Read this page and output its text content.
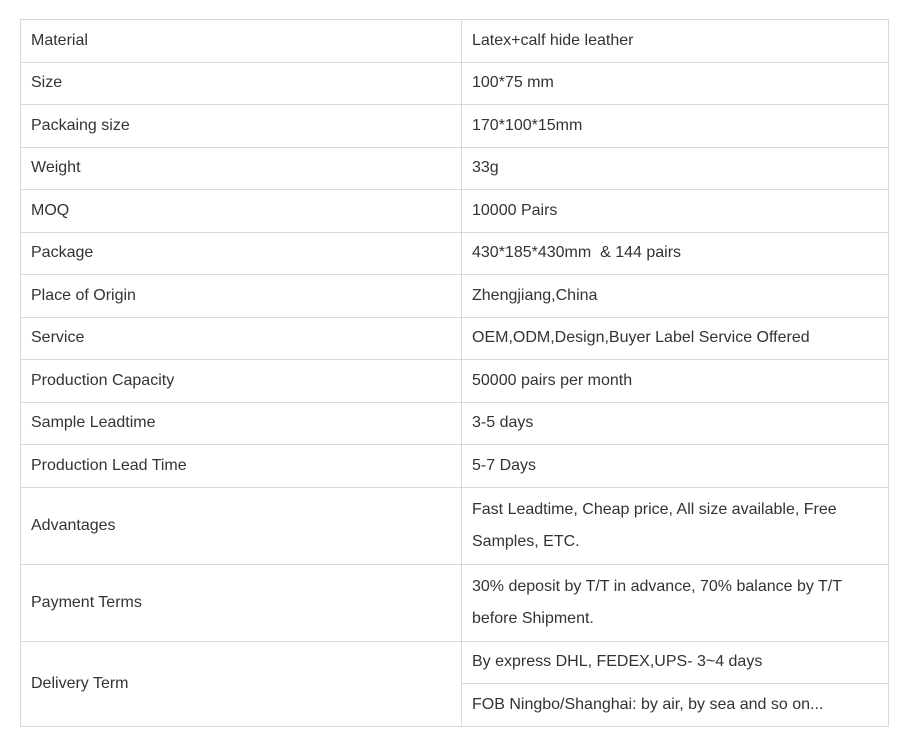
Material	Latex+calf hide leather
Size	100*75 mm
Packaing size	170*100*15mm
Weight	33g
MOQ	10000 Pairs
Package	430*185*430mm  & 144 pairs
Place of Origin	Zhengjiang,China
Service	OEM,ODM,Design,Buyer Label Service Offered
Production Capacity	50000 pairs per month
Sample Leadtime	3-5 days
Production Lead Time	5-7 Days
Advantages	Fast Leadtime, Cheap price, All size available, Free Samples, ETC.
Payment Terms	30% deposit by T/T in advance, 70% balance by T/T before Shipment.
Delivery Term	By express DHL, FEDEX,UPS- 3~4 days
	FOB Ningbo/Shanghai: by air, by sea and so on...
